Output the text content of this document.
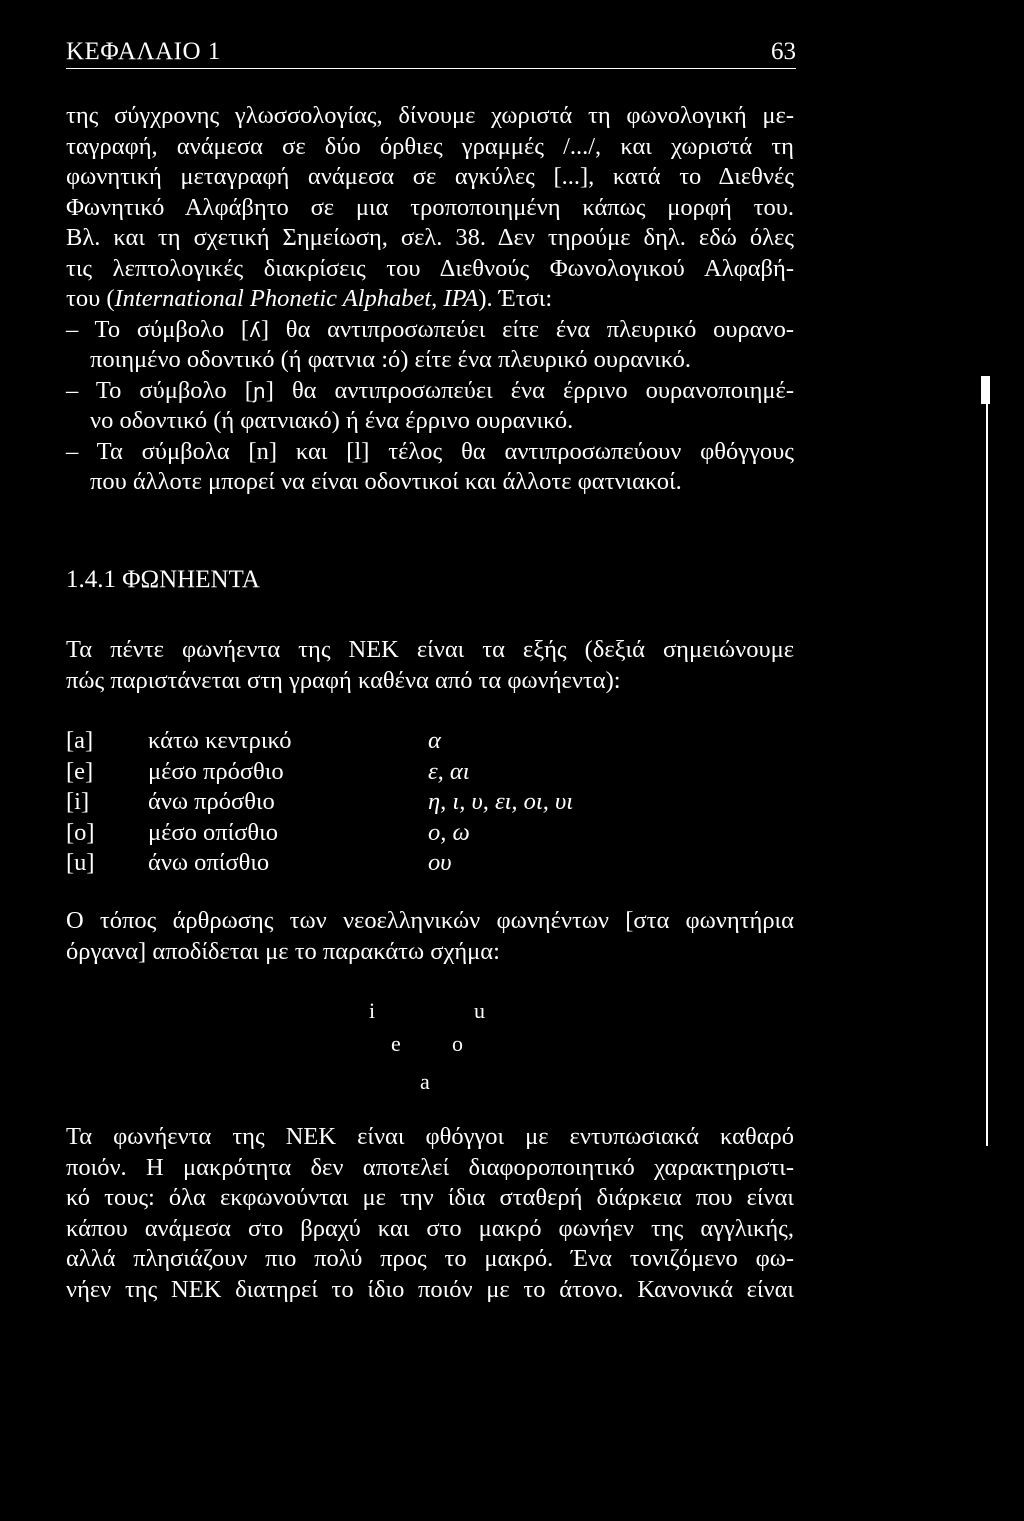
ΚΕΦΑΛΑΙΟ 1	63
της σύγχρονης γλωσσολογίας, δίνουμε χωριστά τη φωνολογική με-
ταγραφή, ανάμεσα σε δύο όρθιες γραμμές /.../, και χωριστά τη
φωνητική μεταγραφή ανάμεσα σε αγκύλες [...], κατά το Διεθνές
Φωνητικό Αλφάβητο σε μια τροποποιημένη κάπως μορφή του.
Βλ. και τη σχετική Σημείωση, σελ. 38. Δεν τηρούμε δηλ. εδώ όλες
τις λεπτολογικές διακρίσεις του Διεθνούς Φωνολογικού Αλφαβή-
του (International Phonetic Alphabet, IPA). Έτσι:
– Το σύμβολο [ʎ] θα αντιπροσωπεύει είτε ένα πλευρικό ουρανο-
ποιημένο οδοντικό (ή φατνια :ό) είτε ένα πλευρικό ουρανικό.
– Το σύμβολο [ɲ] θα αντιπροσωπεύει ένα έρρινο ουρανοποιημέ-
νο οδοντικό (ή φατνιακό) ή ένα έρρινο ουρανικό.
– Τα σύμβολα [n] και [l] τέλος θα αντιπροσωπεύουν φθόγγους
που άλλοτε μπορεί να είναι οδοντικοί και άλλοτε φατνιακοί.
1.4.1 ΦΩΝΗΕΝΤΑ
Τα πέντε φωνήεντα της ΝΕΚ είναι τα εξής (δεξιά σημειώνουμε
πώς παριστάνεται στη γραφή καθένα από τα φωνήεντα):
[a] κάτω κεντρικό	α
[e] μέσο πρόσθιο	ε, αι
[i] άνω πρόσθιο	η, ι, υ, ει, οι, υι
[o] μέσο οπίσθιο	ο, ω
[u] άνω οπίσθιο	ου
Ο τόπος άρθρωσης των νεοελληνικών φωνηέντων [στα φωνητήρια
όργανα] αποδίδεται με το παρακάτω σχήμα:
i	u
e o
a
Τα φωνήεντα της ΝΕΚ είναι φθόγγοι με εντυπωσιακά καθαρό
ποιόν. Η μακρότητα δεν αποτελεί διαφοροποιητικό χαρακτηριστι-
κό τους: όλα εκφωνούνται με την ίδια σταθερή διάρκεια που είναι
κάπου ανάμεσα στο βραχύ και στο μακρό φωνήεν της αγγλικής,
αλλά πλησιάζουν πιο πολύ προς το μακρό. Ένα τονιζόμενο φω-
νήεν της ΝΕΚ διατηρεί το ίδιο ποιόν με το άτονο. Κανονικά είναι
